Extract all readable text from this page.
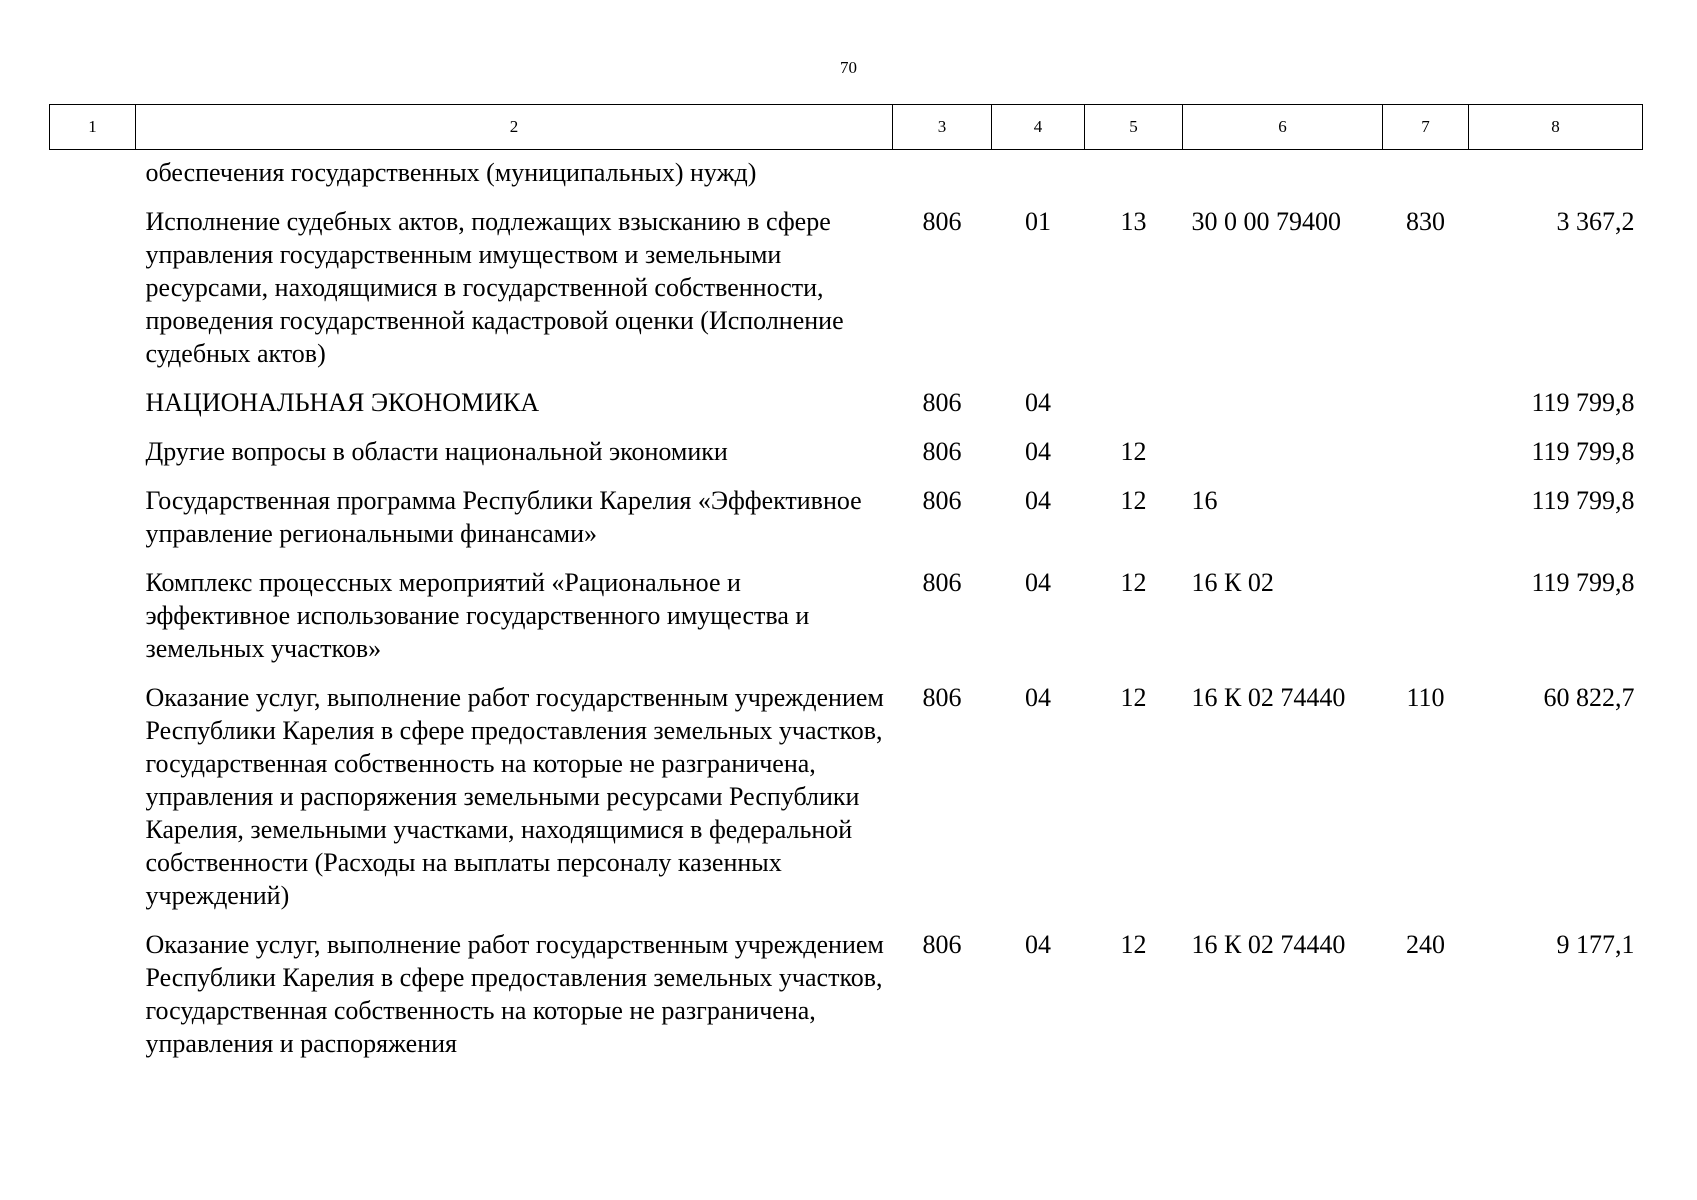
70
1	2	3	4	5	6	7	8
	обеспечения государственных (муниципальных) нужд)						
	Исполнение судебных актов, подлежащих взысканию в сфере управления государственным имуществом и земельными ресурсами, находящимися в государственной собственности, проведения государственной кадастровой оценки (Исполнение судебных актов)	806	01	13	30 0 00 79400	830	3 367,2
	НАЦИОНАЛЬНАЯ ЭКОНОМИКА	806	04				119 799,8
	Другие вопросы в области национальной экономики	806	04	12			119 799,8
	Государственная программа Республики Карелия «Эффективное управление региональными финансами»	806	04	12	16		119 799,8
	Комплекс процессных мероприятий «Рациональное и эффективное использование государственного имущества и земельных участков»	806	04	12	16 К 02		119 799,8
	Оказание услуг, выполнение работ государственным учреждением Республики Карелия в сфере предоставления земельных участков, государственная собственность на которые не разграничена, управления и распоряжения земельными ресурсами Республики Карелия, земельными участками, находящимися в федеральной собственности (Расходы на выплаты персоналу казенных учреждений)	806	04	12	16 К 02 74440	110	60 822,7
	Оказание услуг, выполнение работ государственным учреждением Республики Карелия в сфере предоставления земельных участков, государственная собственность на которые не разграничена, управления и распоряжения	806	04	12	16 К 02 74440	240	9 177,1
